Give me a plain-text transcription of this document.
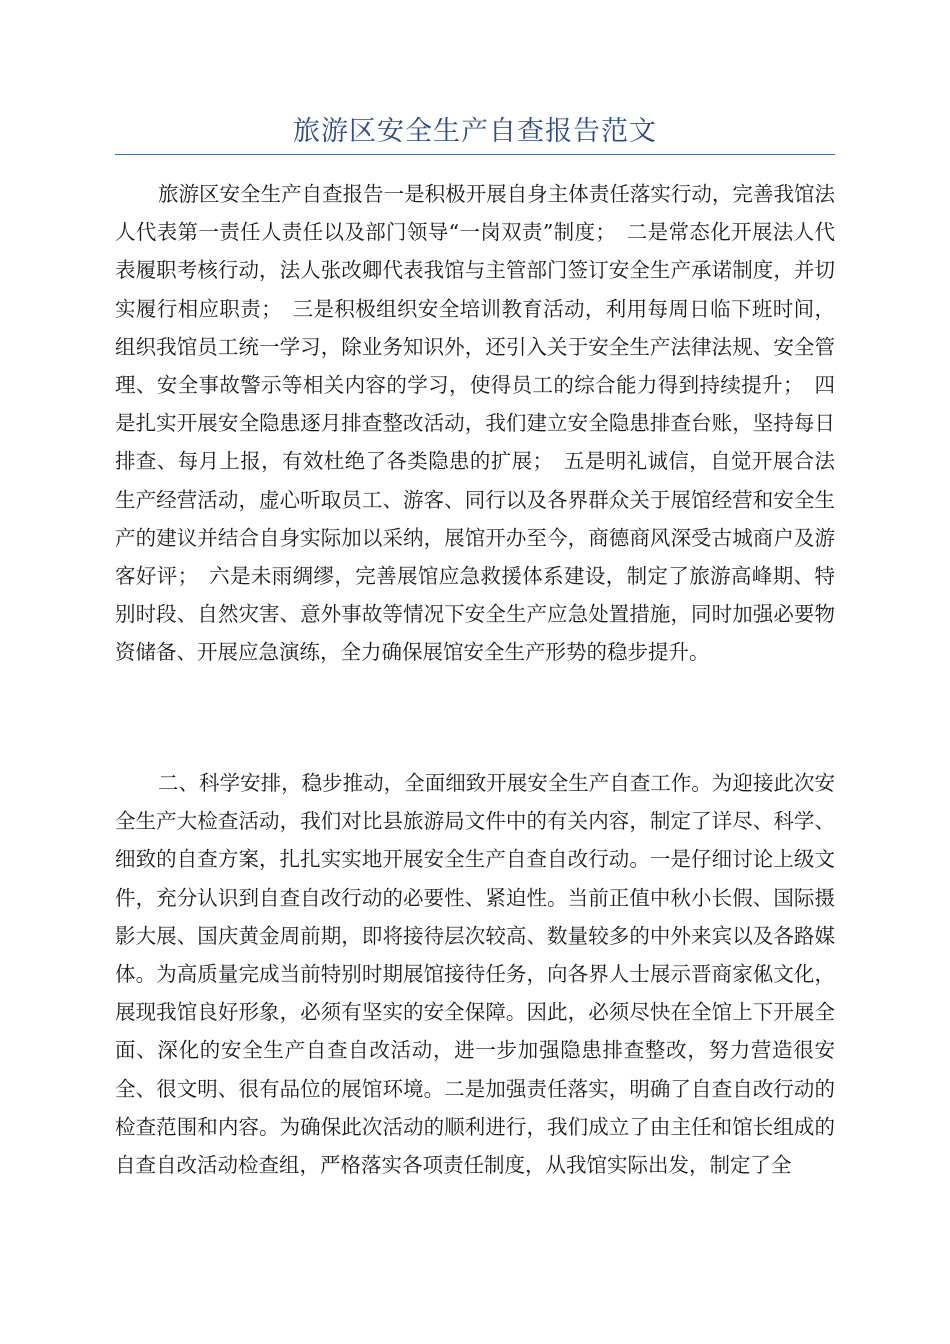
旅游区安全生产自查报告范文

旅游区安全生产自查报告一是积极开展自身主体责任落实行动，完善我馆法人代表第一责任人责任以及部门领导“一岗双责”制度；　二是常态化开展法人代表履职考核行动，法人张改卿代表我馆与主管部门签订安全生产承诺制度，并切实履行相应职责；　三是积极组织安全培训教育活动，利用每周日临下班时间，组织我馆员工统一学习，除业务知识外，还引入关于安全生产法律法规、安全管理、安全事故警示等相关内容的学习，使得员工的综合能力得到持续提升；　四是扎实开展安全隐患逐月排查整改活动，我们建立安全隐患排查台账，坚持每日排查、每月上报，有效杜绝了各类隐患的扩展；　五是明礼诚信，自觉开展合法生产经营活动，虚心听取员工、游客、同行以及各界群众关于展馆经营和安全生产的建议并结合自身实际加以采纳，展馆开办至今，商德商风深受古城商户及游客好评；　六是未雨绸缪，完善展馆应急救援体系建设，制定了旅游高峰期、特别时段、自然灾害、意外事故等情况下安全生产应急处置措施，同时加强必要物资储备、开展应急演练，全力确保展馆安全生产形势的稳步提升。

二、科学安排，稳步推动，全面细致开展安全生产自查工作。为迎接此次安全生产大检查活动，我们对比县旅游局文件中的有关内容，制定了详尽、科学、细致的自查方案，扎扎实实地开展安全生产自查自改行动。一是仔细讨论上级文件，充分认识到自查自改行动的必要性、紧迫性。当前正值中秋小长假、国际摄影大展、国庆黄金周前期，即将接待层次较高、数量较多的中外来宾以及各路媒体。为高质量完成当前特别时期展馆接待任务，向各界人士展示晋商家俬文化，展现我馆良好形象，必须有坚实的安全保障。因此，必须尽快在全馆上下开展全面、深化的安全生产自查自改活动，进一步加强隐患排查整改，努力营造很安全、很文明、很有品位的展馆环境。二是加强责任落实，明确了自查自改行动的检查范围和内容。为确保此次活动的顺利进行，我们成立了由主任和馆长组成的自查自改活动检查组，严格落实各项责任制度，从我馆实际出发，制定了全
